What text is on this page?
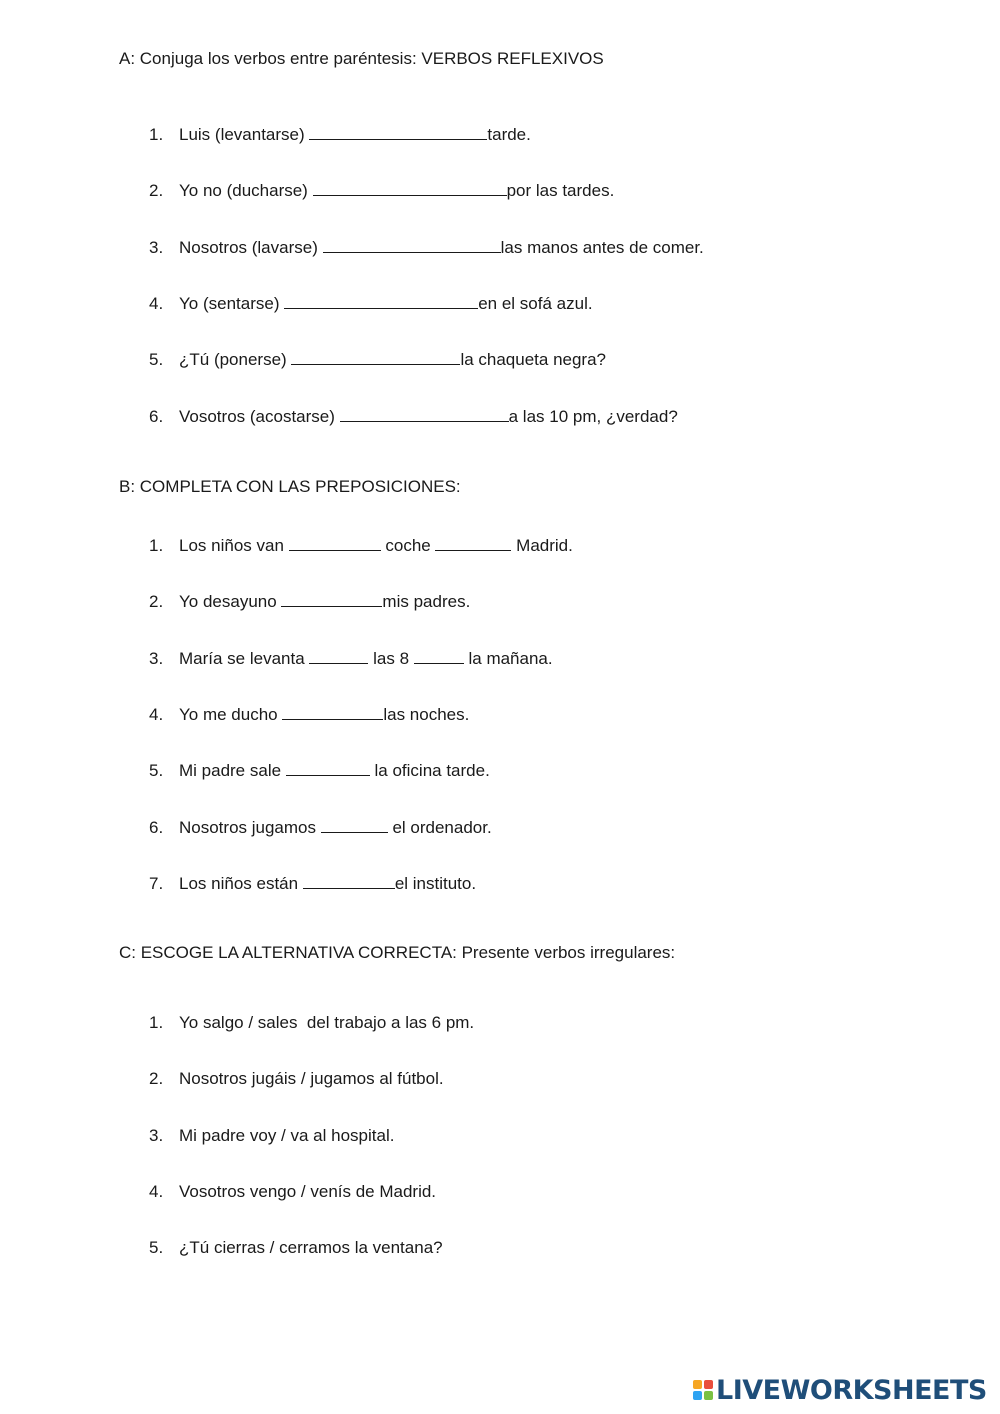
A: Conjuga los verbos entre paréntesis: VERBOS REFLEXIVOS
1. Luis (levantarse)	tarde.
2. Yo no (ducharse)	por las tardes.
3. Nosotros (lavarse)	las manos antes de comer.
4. Yo (sentarse)	en el sofá azul.
5. ¿Tú (ponerse)	la chaqueta negra?
6. Vosotros (acostarse)	a las 10 pm, ¿verdad?
B: COMPLETA CON LAS PREPOSICIONES:
1. Los niños van	coche	Madrid.
2. Yo desayuno	mis padres.
3. María se levanta	las 8	la mañana.
4. Yo me ducho	las noches.
5. Mi padre sale	la oficina tarde.
6. Nosotros jugamos	el ordenador.
7. Los niños están	el instituto.
C: ESCOGE LA ALTERNATIVA CORRECTA: Presente verbos irregulares:
1. Yo salgo / sales  del trabajo a las 6 pm.
2. Nosotros jugáis / jugamos al fútbol.
3. Mi padre voy / va al hospital.
4. Vosotros vengo / venís de Madrid.
5. ¿Tú cierras / cerramos la ventana?
LIVEWORKSHEETS
